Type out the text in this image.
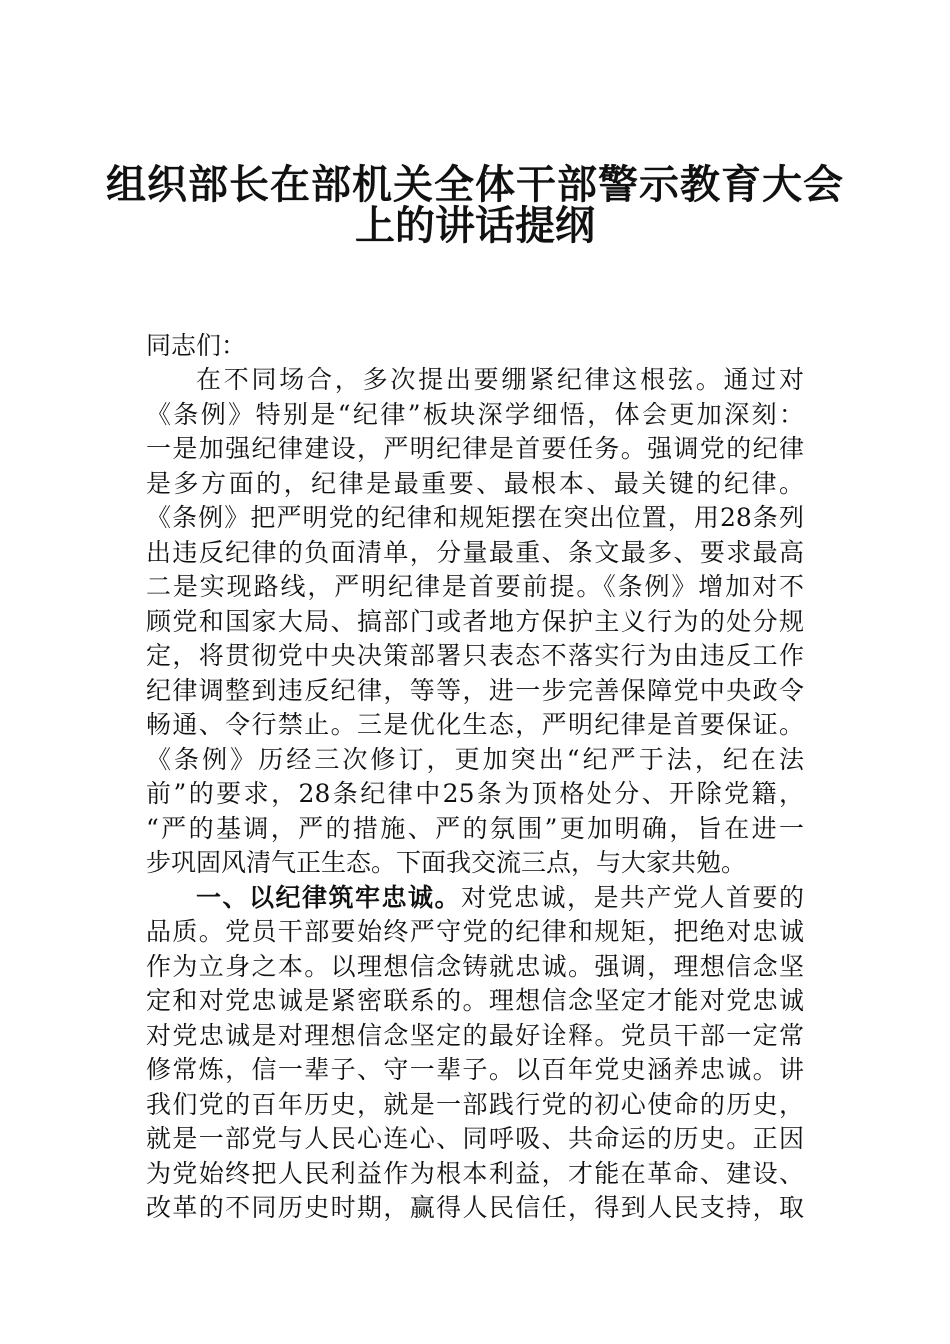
组织部长在部机关全体干部警示教育大会
上的讲话提纲
同志们：
在不同场合，多次提出要绷紧纪律这根弦。通过对
《条例》特别是“纪律”板块深学细悟，体会更加深刻：
一是加强纪律建设，严明纪律是首要任务。强调党的纪律
是多方面的，纪律是最重要、最根本、最关键的纪律。
《条例》把严明党的纪律和规矩摆在突出位置，用28条列
出违反纪律的负面清单，分量最重、条文最多、要求最高
二是实现路线，严明纪律是首要前提。《条例》增加对不
顾党和国家大局、搞部门或者地方保护主义行为的处分规
定，将贯彻党中央决策部署只表态不落实行为由违反工作
纪律调整到违反纪律，等等，进一步完善保障党中央政令
畅通、令行禁止。三是优化生态，严明纪律是首要保证。
《条例》历经三次修订，更加突出“纪严于法，纪在法
前”的要求，28条纪律中25条为顶格处分、开除党籍，
“严的基调，严的措施、严的氛围”更加明确，旨在进一
步巩固风清气正生态。下面我交流三点，与大家共勉。
一、以纪律筑牢忠诚。对党忠诚，是共产党人首要的
品质。党员干部要始终严守党的纪律和规矩，把绝对忠诚
作为立身之本。以理想信念铸就忠诚。强调，理想信念坚
定和对党忠诚是紧密联系的。理想信念坚定才能对党忠诚
对党忠诚是对理想信念坚定的最好诠释。党员干部一定常
修常炼，信一辈子、守一辈子。以百年党史涵养忠诚。讲
我们党的百年历史，就是一部践行党的初心使命的历史，
就是一部党与人民心连心、同呼吸、共命运的历史。正因
为党始终把人民利益作为根本利益，才能在革命、建设、
改革的不同历史时期，赢得人民信任，得到人民支持，取
